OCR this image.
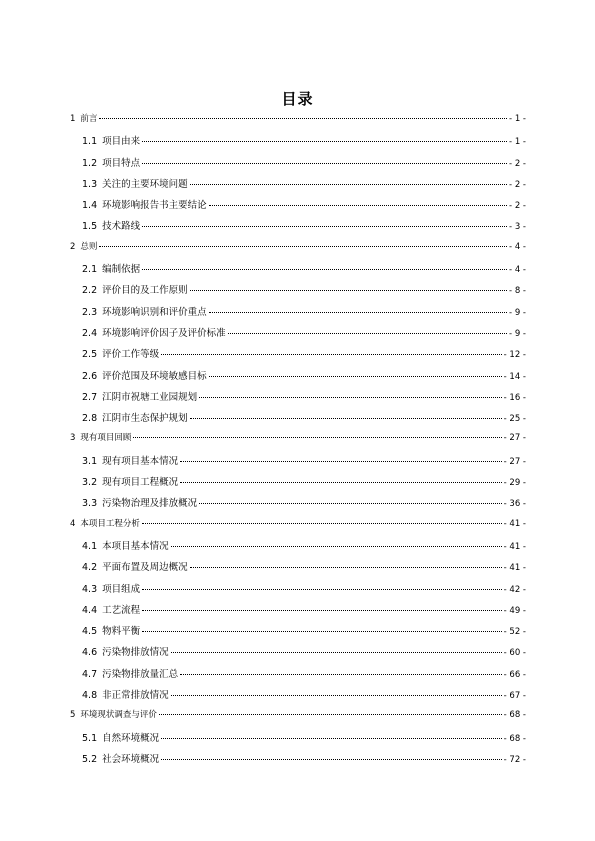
目录
1 前言	- 1 -
1.1 项目由来	- 1 -
1.2 项目特点	- 2 -
1.3 关注的主要环境问题	- 2 -
1.4 环境影响报告书主要结论	- 2 -
1.5 技术路线	- 3 -
2 总则	- 4 -
2.1 编制依据	- 4 -
2.2 评价目的及工作原则	- 8 -
2.3 环境影响识别和评价重点	- 9 -
2.4 环境影响评价因子及评价标准	- 9 -
2.5 评价工作等级	- 12 -
2.6 评价范围及环境敏感目标	- 14 -
2.7 江阴市祝塘工业园规划	- 16 -
2.8 江阴市生态保护规划	- 25 -
3 现有项目回顾	- 27 -
3.1 现有项目基本情况	- 27 -
3.2 现有项目工程概况	- 29 -
3.3 污染物治理及排放概况	- 36 -
4 本项目工程分析	- 41 -
4.1 本项目基本情况	- 41 -
4.2 平面布置及周边概况	- 41 -
4.3 项目组成	- 42 -
4.4 工艺流程	- 49 -
4.5 物料平衡	- 52 -
4.6 污染物排放情况	- 60 -
4.7 污染物排放量汇总	- 66 -
4.8 非正常排放情况	- 67 -
5 环境现状调查与评价	- 68 -
5.1 自然环境概况	- 68 -
5.2 社会环境概况	- 72 -
